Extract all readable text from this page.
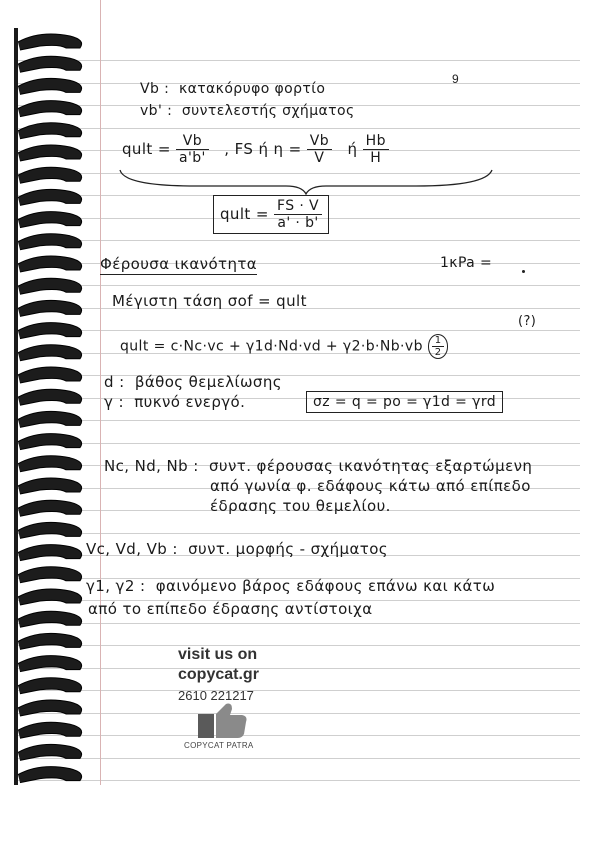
9
Vb : κατακόρυφο φορτίο
vb' : συντελεστής σχήματος
qult = $\frac{Vb}{a'b'}$ , FS ή $\eta = \frac{Vb}{V}$ ή $\frac{Hb}{H}$
qult = $\frac{FS \cdot V}{a' \cdot b'}$
Φέρουσα ικανότητα	1κPa =
Μέγιστη τάση σof = qult
qult = $c\cdot Nc\cdot vc + \gamma 1d\cdot Nd\cdot vd + \gamma 2\cdot b\cdot Nb\cdot vb \frac{1}{2}$
(?)
d : βάθος θεμελίωσης
γ : πυκνό ενεργό.	σz = q = po = γ1d = γrd
Nc, Nd, Nb : συντ. φέρουσας ικανότητας εξαρτώμενη
από γωνία φ. εδάφους κάτω από επίπεδο
έδρασης του θεμελίου.
Vc, Vd, Vb : συντ. μορφής - σχήματος
γ1, γ2 : φαινόμενο βάρος εδάφους επάνω και κάτω
από το επίπεδο έδρασης αντίστοιχα
visit us on
copycat.gr
2610 221217
COPYCAT PATRA
